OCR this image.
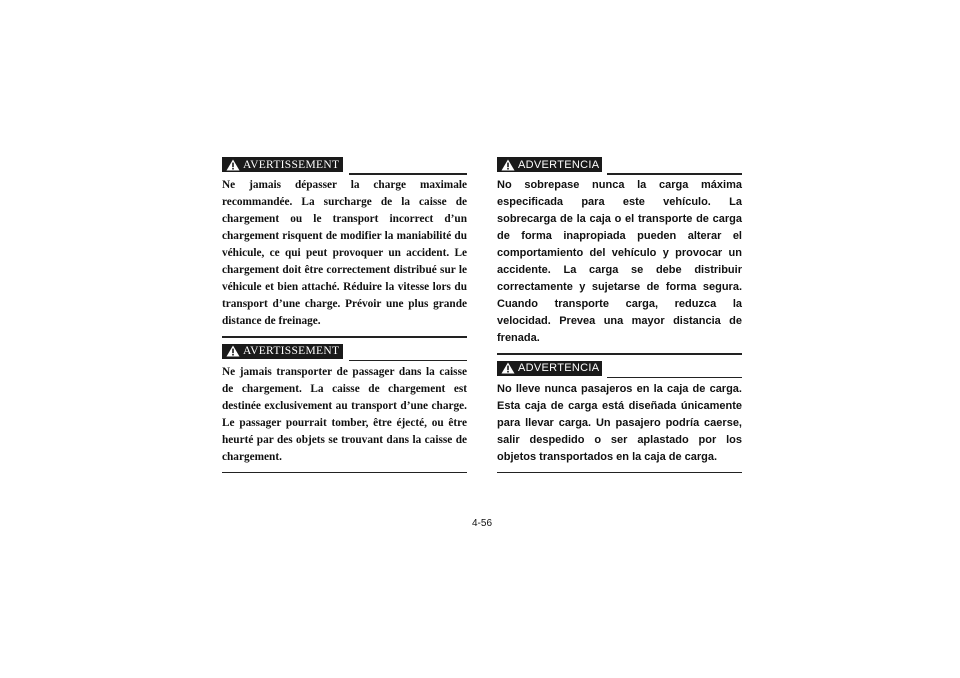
AVERTISSEMENT

Ne jamais dépasser la charge maximale recommandée. La surcharge de la caisse de chargement ou le transport incorrect d’un chargement risquent de modifier la maniabilité du véhicule, ce qui peut provoquer un accident. Le chargement doit être correctement distribué sur le véhicule et bien attaché. Réduire la vitesse lors du transport d’une charge. Prévoir une plus grande distance de freinage.

AVERTISSEMENT

Ne jamais transporter de passager dans la caisse de chargement. La caisse de chargement est destinée exclusivement au transport d’une charge. Le passager pourrait tomber, être éjecté, ou être heurté par des objets se trouvant dans la caisse de chargement.

ADVERTENCIA

No sobrepase nunca la carga máxima especificada para este vehículo. La sobrecarga de la caja o el transporte de carga de forma inapropiada pueden alterar el comportamiento del vehículo y provocar un accidente. La carga se debe distribuir correctamente y sujetarse de forma segura. Cuando transporte carga, reduzca la velocidad. Prevea una mayor distancia de frenada.

ADVERTENCIA

No lleve nunca pasajeros en la caja de carga. Esta caja de carga está diseñada únicamente para llevar carga. Un pasajero podría caerse, salir despedido o ser aplastado por los objetos transportados en la caja de carga.

4-56
